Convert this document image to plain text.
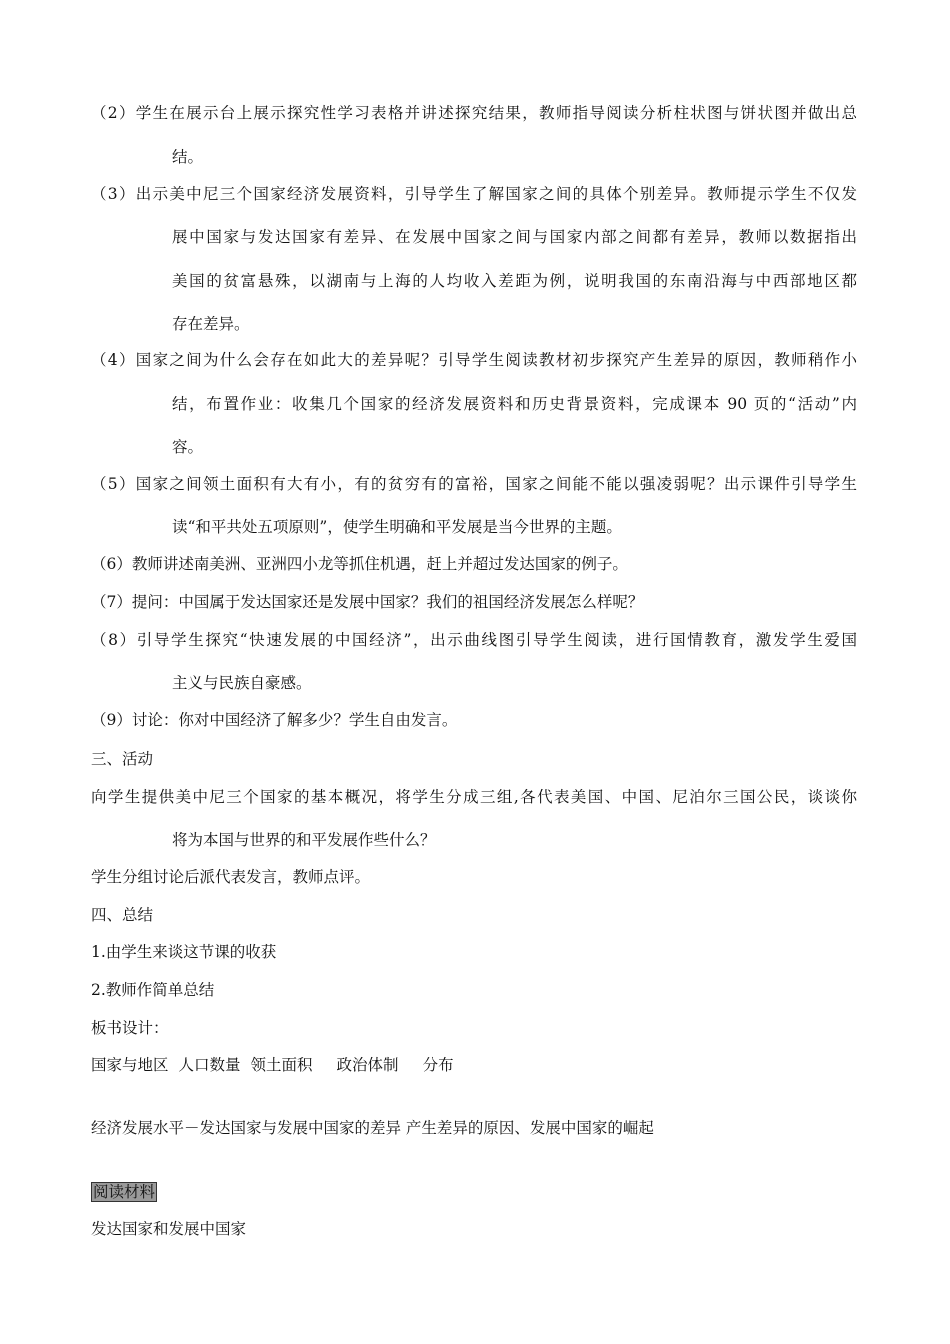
（2）学生在展示台上展示探究性学习表格并讲述探究结果，教师指导阅读分析柱状图与饼状图并做出总
结。
（3）出示美中尼三个国家经济发展资料，引导学生了解国家之间的具体个别差异。教师提示学生不仅发
展中国家与发达国家有差异、在发展中国家之间与国家内部之间都有差异，教师以数据指出
美国的贫富悬殊，以湖南与上海的人均收入差距为例，说明我国的东南沿海与中西部地区都
存在差异。
（4）国家之间为什么会存在如此大的差异呢？引导学生阅读教材初步探究产生差异的原因，教师稍作小
结，布置作业：收集几个国家的经济发展资料和历史背景资料，完成课本 90 页的“活动”内
容。
（5）国家之间领土面积有大有小，有的贫穷有的富裕，国家之间能不能以强凌弱呢？出示课件引导学生
读“和平共处五项原则”，使学生明确和平发展是当今世界的主题。
（6）教师讲述南美洲、亚洲四小龙等抓住机遇，赶上并超过发达国家的例子。
（7）提问：中国属于发达国家还是发展中国家？我们的祖国经济发展怎么样呢？
（8）引导学生探究“快速发展的中国经济”，出示曲线图引导学生阅读，进行国情教育，激发学生爱国
主义与民族自豪感。
（9）讨论：你对中国经济了解多少？学生自由发言。
三、活动
向学生提供美中尼三个国家的基本概况，将学生分成三组,各代表美国、中国、尼泊尔三国公民，谈谈你
将为本国与世界的和平发展作些什么？
学生分组讨论后派代表发言，教师点评。
四、总结
1.由学生来谈这节课的收获
2.教师作简单总结
板书设计：
国家与地区 人口数量 领土面积 政治体制 分布
经济发展水平－发达国家与发展中国家的差异 产生差异的原因、发展中国家的崛起
阅读材料
发达国家和发展中国家
